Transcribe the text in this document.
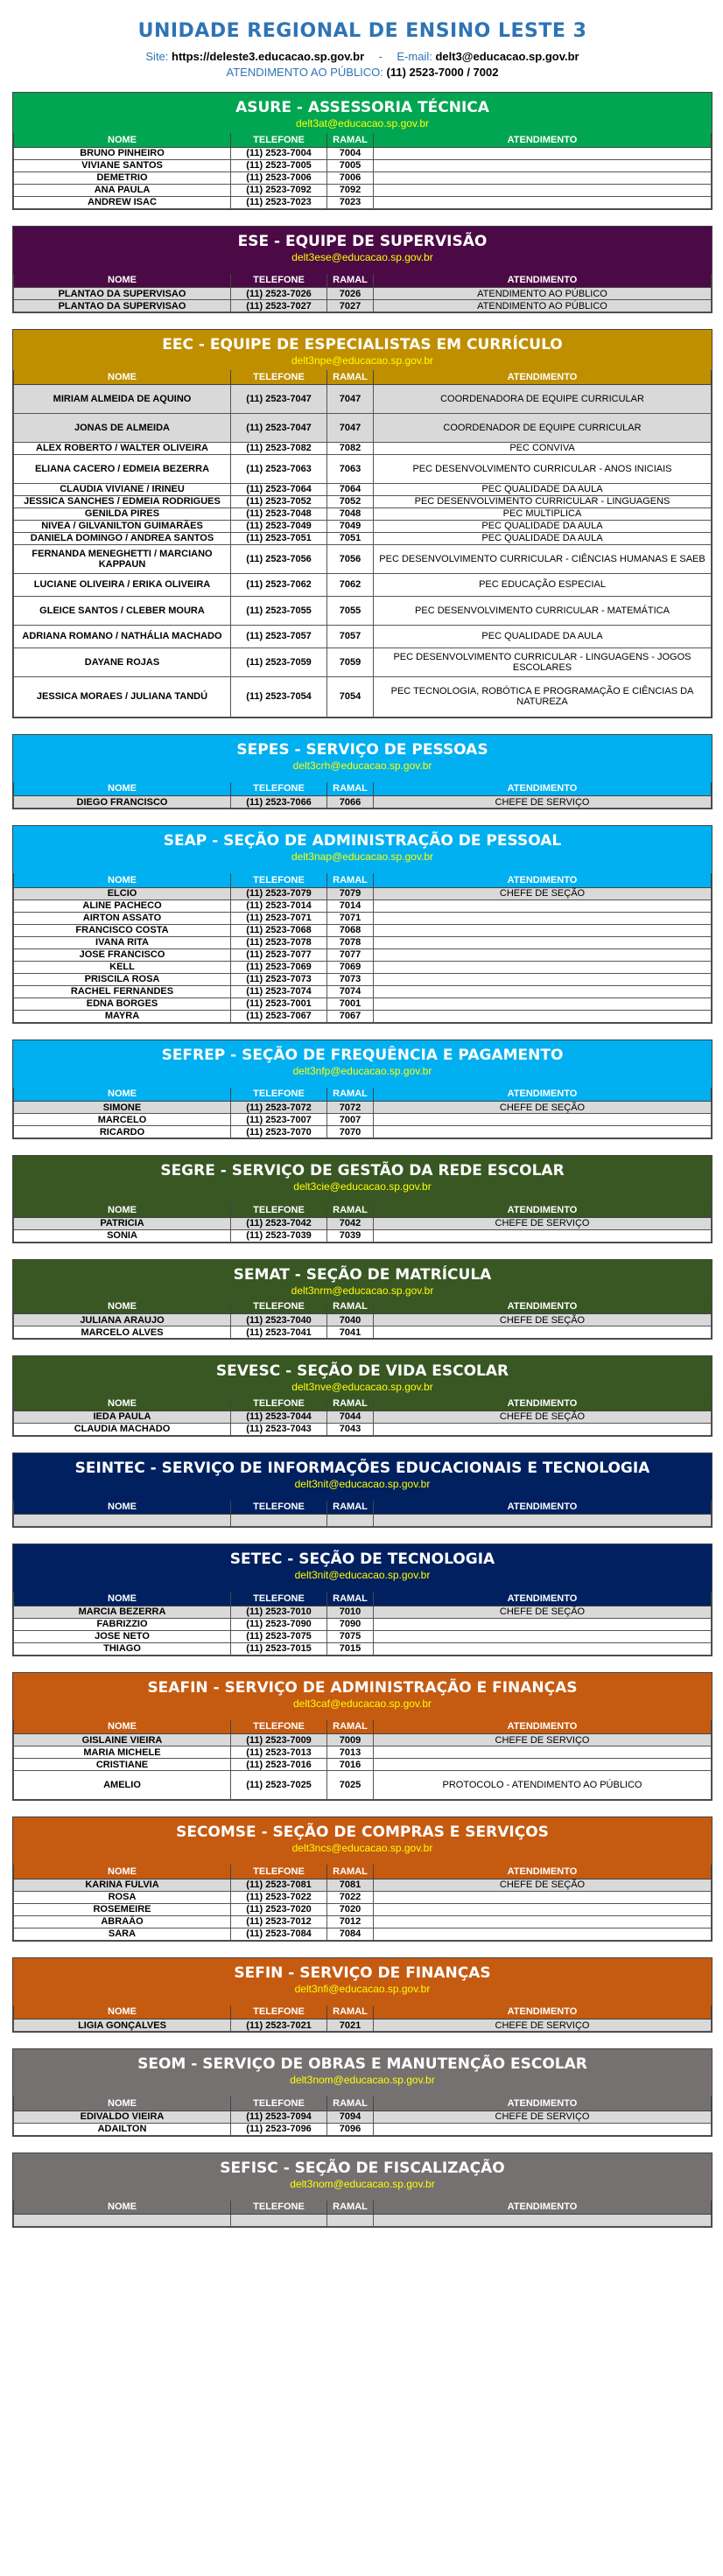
UNIDADE REGIONAL DE ENSINO LESTE 3
Site: https://deleste3.educacao.sp.gov.br - E-mail: delt3@educacao.sp.gov.br
ATENDIMENTO AO PÚBLICO: (11) 2523-7000 / 7002
ASURE - ASSESSORIA TÉCNICA
delt3at@educacao.sp.gov.br
NOME	TELEFONE	RAMAL	ATENDIMENTO
BRUNO PINHEIRO	(11) 2523-7004	7004	
VIVIANE SANTOS	(11) 2523-7005	7005	
DEMETRIO	(11) 2523-7006	7006	
ANA PAULA	(11) 2523-7092	7092	
ANDREW ISAC	(11) 2523-7023	7023	
ESE - EQUIPE DE SUPERVISÃO
delt3ese@educacao.sp.gov.br
NOME	TELEFONE	RAMAL	ATENDIMENTO
PLANTAO DA SUPERVISAO	(11) 2523-7026	7026	ATENDIMENTO AO PÚBLICO
PLANTAO DA SUPERVISAO	(11) 2523-7027	7027	ATENDIMENTO AO PÚBLICO
EEC - EQUIPE DE ESPECIALISTAS EM CURRÍCULO
delt3npe@educacao.sp.gov.br
NOME	TELEFONE	RAMAL	ATENDIMENTO
MIRIAM ALMEIDA DE AQUINO	(11) 2523-7047	7047	COORDENADORA DE EQUIPE CURRICULAR
JONAS DE ALMEIDA	(11) 2523-7047	7047	COORDENADOR DE EQUIPE CURRICULAR
ALEX ROBERTO / WALTER OLIVEIRA	(11) 2523-7082	7082	PEC CONVIVA
ELIANA CACERO / EDMEIA BEZERRA	(11) 2523-7063	7063	PEC DESENVOLVIMENTO CURRICULAR - ANOS INICIAIS
CLAUDIA VIVIANE / IRINEU	(11) 2523-7064	7064	PEC QUALIDADE DA AULA
JESSICA SANCHES / EDMEIA RODRIGUES	(11) 2523-7052	7052	PEC DESENVOLVIMENTO CURRICULAR - LINGUAGENS
GENILDA PIRES	(11) 2523-7048	7048	PEC MULTIPLICA
NIVEA / GILVANILTON GUIMARÃES	(11) 2523-7049	7049	PEC QUALIDADE DA AULA
DANIELA DOMINGO / ANDREA SANTOS	(11) 2523-7051	7051	PEC QUALIDADE DA AULA
FERNANDA MENEGHETTI / MARCIANO KAPPAUN	(11) 2523-7056	7056	PEC DESENVOLVIMENTO CURRICULAR - CIÊNCIAS HUMANAS E SAEB
LUCIANE OLIVEIRA / ERIKA OLIVEIRA	(11) 2523-7062	7062	PEC EDUCAÇÃO ESPECIAL
GLEICE SANTOS / CLEBER MOURA	(11) 2523-7055	7055	PEC DESENVOLVIMENTO CURRICULAR - MATEMÁTICA
ADRIANA ROMANO / NATHÁLIA MACHADO	(11) 2523-7057	7057	PEC QUALIDADE DA AULA
DAYANE ROJAS	(11) 2523-7059	7059	PEC DESENVOLVIMENTO CURRICULAR - LINGUAGENS - JOGOS ESCOLARES
JESSICA MORAES / JULIANA TANDÚ	(11) 2523-7054	7054	PEC TECNOLOGIA, ROBÓTICA E PROGRAMAÇÃO E CIÊNCIAS DA NATUREZA
SEPES - SERVIÇO DE PESSOAS
delt3crh@educacao.sp.gov.br
NOME	TELEFONE	RAMAL	ATENDIMENTO
DIEGO FRANCISCO	(11) 2523-7066	7066	CHEFE DE SERVIÇO
SEAP - SEÇÃO DE ADMINISTRAÇÃO DE PESSOAL
delt3nap@educacao.sp.gov.br
NOME	TELEFONE	RAMAL	ATENDIMENTO
ELCIO	(11) 2523-7079	7079	CHEFE DE SEÇÃO
ALINE PACHECO	(11) 2523-7014	7014	
AIRTON ASSATO	(11) 2523-7071	7071	
FRANCISCO COSTA	(11) 2523-7068	7068	
IVANA RITA	(11) 2523-7078	7078	
JOSE FRANCISCO	(11) 2523-7077	7077	
KELL	(11) 2523-7069	7069	
PRISCILA ROSA	(11) 2523-7073	7073	
RACHEL FERNANDES	(11) 2523-7074	7074	
EDNA BORGES	(11) 2523-7001	7001	
MAYRA	(11) 2523-7067	7067	
SEFREP - SEÇÃO DE FREQUÊNCIA E PAGAMENTO
delt3nfp@educacao.sp.gov.br
NOME	TELEFONE	RAMAL	ATENDIMENTO
SIMONE	(11) 2523-7072	7072	CHEFE DE SEÇÃO
MARCELO	(11) 2523-7007	7007	
RICARDO	(11) 2523-7070	7070	
SEGRE - SERVIÇO DE GESTÃO DA REDE ESCOLAR
delt3cie@educacao.sp.gov.br
NOME	TELEFONE	RAMAL	ATENDIMENTO
PATRICIA	(11) 2523-7042	7042	CHEFE DE SERVIÇO
SONIA	(11) 2523-7039	7039	
SEMAT - SEÇÃO DE MATRÍCULA
delt3nrm@educacao.sp.gov.br
NOME	TELEFONE	RAMAL	ATENDIMENTO
JULIANA ARAUJO	(11) 2523-7040	7040	CHEFE DE SEÇÃO
MARCELO ALVES	(11) 2523-7041	7041	
SEVESC - SEÇÃO DE VIDA ESCOLAR
delt3nve@educacao.sp.gov.br
NOME	TELEFONE	RAMAL	ATENDIMENTO
IEDA PAULA	(11) 2523-7044	7044	CHEFE DE SEÇÃO
CLAUDIA MACHADO	(11) 2523-7043	7043	
SEINTEC - SERVIÇO DE INFORMAÇÕES EDUCACIONAIS E TECNOLOGIA
delt3nit@educacao.sp.gov.br
NOME	TELEFONE	RAMAL	ATENDIMENTO

SETEC - SEÇÃO DE TECNOLOGIA
delt3nit@educacao.sp.gov.br
NOME	TELEFONE	RAMAL	ATENDIMENTO
MARCIA BEZERRA	(11) 2523-7010	7010	CHEFE DE SEÇÃO
FABRIZZIO	(11) 2523-7090	7090	
JOSE NETO	(11) 2523-7075	7075	
THIAGO	(11) 2523-7015	7015	
SEAFIN - SERVIÇO DE ADMINISTRAÇÃO E FINANÇAS
delt3caf@educacao.sp.gov.br
NOME	TELEFONE	RAMAL	ATENDIMENTO
GISLAINE VIEIRA	(11) 2523-7009	7009	CHEFE DE SERVIÇO
MARIA MICHELE	(11) 2523-7013	7013	
CRISTIANE	(11) 2523-7016	7016	
AMELIO	(11) 2523-7025	7025	PROTOCOLO - ATENDIMENTO AO PÚBLICO
SECOMSE - SEÇÃO DE COMPRAS E SERVIÇOS
delt3ncs@educacao.sp.gov.br
NOME	TELEFONE	RAMAL	ATENDIMENTO
KARINA FULVIA	(11) 2523-7081	7081	CHEFE DE SEÇÃO
ROSA	(11) 2523-7022	7022	
ROSEMEIRE	(11) 2523-7020	7020	
ABRAÃO	(11) 2523-7012	7012	
SARA	(11) 2523-7084	7084	
SEFIN - SERVIÇO DE FINANÇAS
delt3nfi@educacao.sp.gov.br
NOME	TELEFONE	RAMAL	ATENDIMENTO
LIGIA GONÇALVES	(11) 2523-7021	7021	CHEFE DE SERVIÇO
SEOM - SERVIÇO DE OBRAS E MANUTENÇÃO ESCOLAR
delt3nom@educacao.sp.gov.br
NOME	TELEFONE	RAMAL	ATENDIMENTO
EDIVALDO VIEIRA	(11) 2523-7094	7094	CHEFE DE SERVIÇO
ADAILTON	(11) 2523-7096	7096	
SEFISC - SEÇÃO DE FISCALIZAÇÃO
delt3nom@educacao.sp.gov.br
NOME	TELEFONE	RAMAL	ATENDIMENTO
